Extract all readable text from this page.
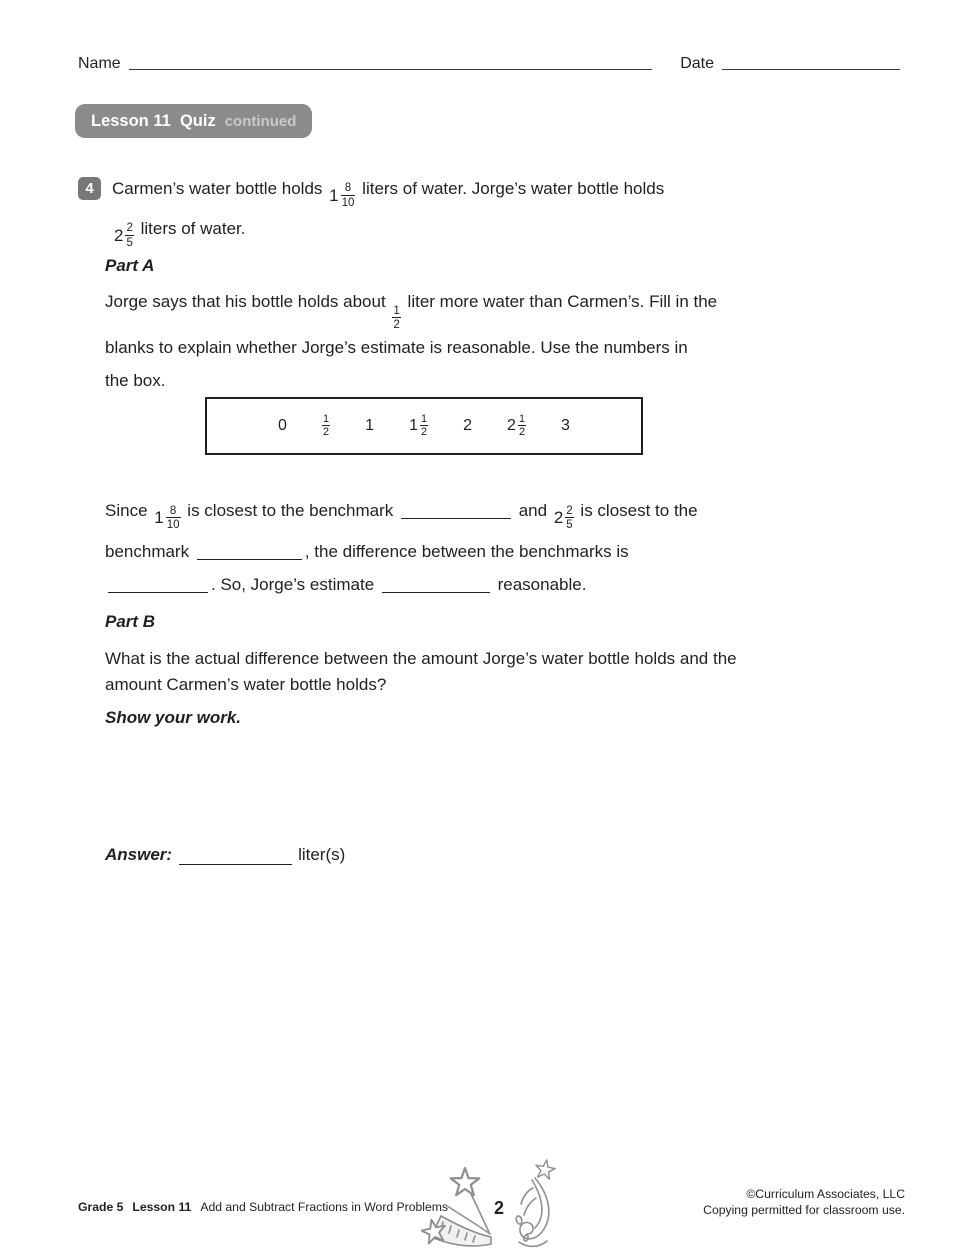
Name	Date
Lesson 11  Quiz continued
4	Carmen’s water bottle holds $1 \frac{8}{10}$ liters of water. Jorge’s water bottle holds
$2 \frac{2}{5}$ liters of water.
Part A
Jorge says that his bottle holds about
$\frac{1}{2}$
liter more water than Carmen’s. Fill in the
blanks to explain whether Jorge’s estimate is reasonable. Use the numbers in
the box.
0	$\frac{1}{2} 1$ $1 \frac{1}{2} 2$ $2 \frac{1}{2} 3$
Since $1 \frac{8}{10}$ is closest to the benchmark	and $2 \frac{2}{5}$ is closest to the
benchmark	, the difference between the benchmarks is
. So, Jorge’s estimate	reasonable.
Part B
What is the actual difference between the amount Jorge’s water bottle holds and the amount Carmen’s water bottle holds?
Show your work.
Answer:	liter(s)
Grade 5 Lesson 11 Add and Subtract Fractions in Word Problems	2
©Curriculum Associates, LLC
Copying permitted for classroom use.
